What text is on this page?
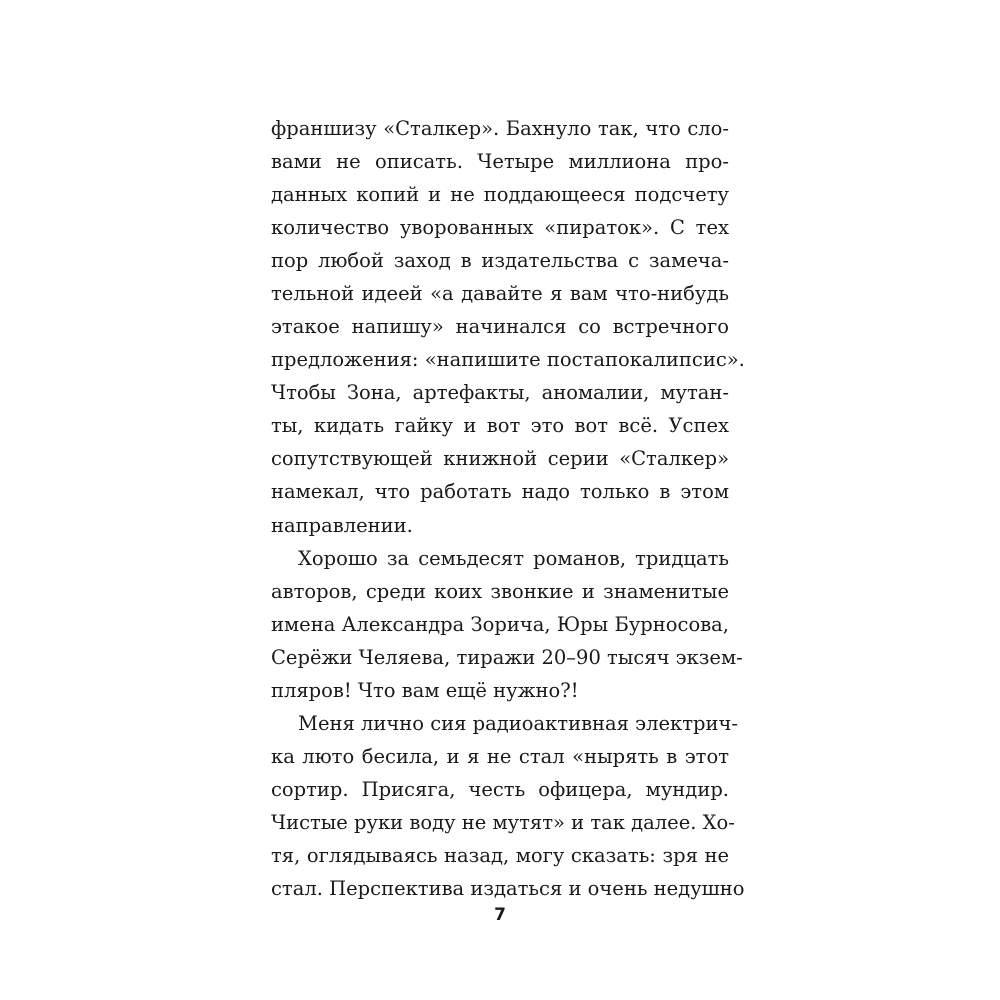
франшизу «Сталкер». Бахнуло так, что сло-
вами не описать. Четыре миллиона про-
данных копий и не поддающееся подсчету
количество уворованных «пираток». С тех
пор любой заход в издательства с замеча-
тельной идеей «а давайте я вам что-нибудь
этакое напишу» начинался со встречного
предложения: «напишите постапокалипсис».
Чтобы Зона, артефакты, аномалии, мутан-
ты, кидать гайку и вот это вот всё. Успех
сопутствующей книжной серии «Сталкер»
намекал, что работать надо только в этом
направлении.
Хорошо за семьдесят романов, тридцать
авторов, среди коих звонкие и знаменитые
имена Александра Зорича, Юры Бурносова,
Серёжи Челяева, тиражи 20–90 тысяч экзем-
пляров! Что вам ещё нужно?!
Меня лично сия радиоактивная электрич-
ка люто бесила, и я не стал «нырять в этот
сортир. Присяга, честь офицера, мундир.
Чистые руки воду не мутят» и так далее. Хо-
тя, оглядываясь назад, могу сказать: зря не
стал. Перспектива издаться и очень недушно
7
